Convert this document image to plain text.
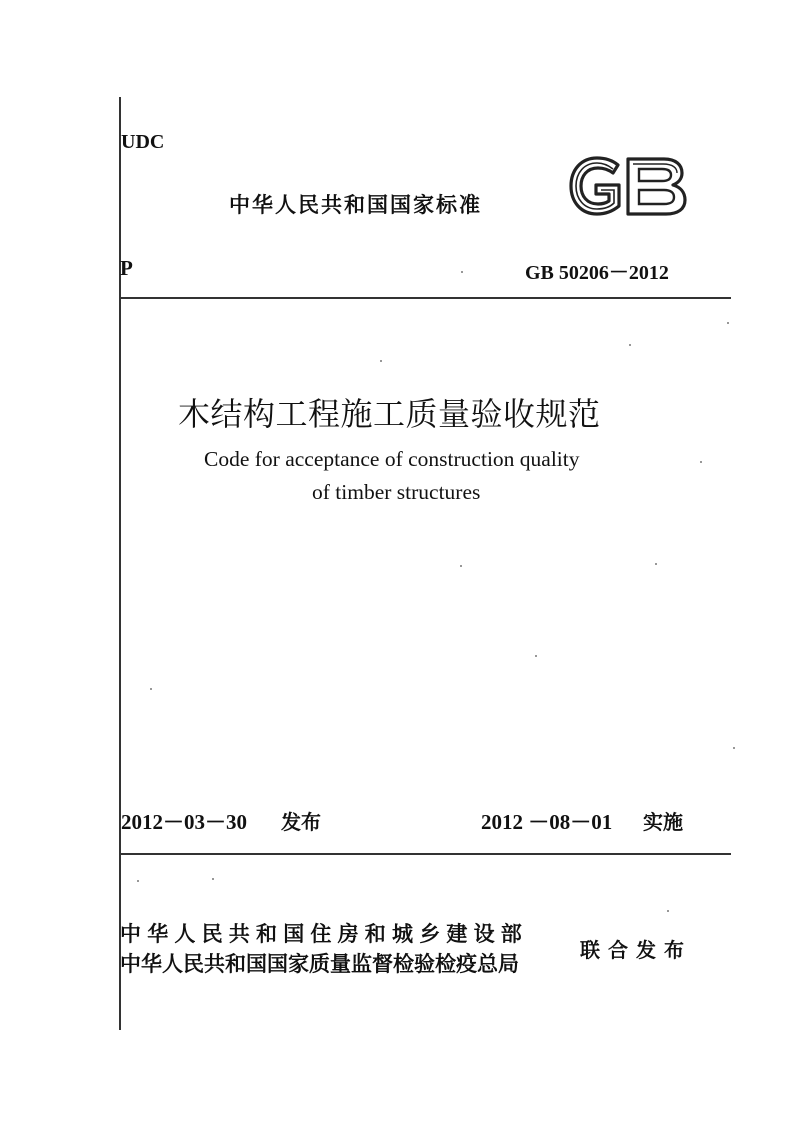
UDC
中华人民共和国国家标准
P	GB 50206－2012
木结构工程施工质量验收规范
Code for acceptance of construction quality
of timber structures
2012－03－30 发布	2012 －08－01 实施
中华人民共和国住房和城乡建设部
中华人民共和国国家质量监督检验检疫总局
联合发布
